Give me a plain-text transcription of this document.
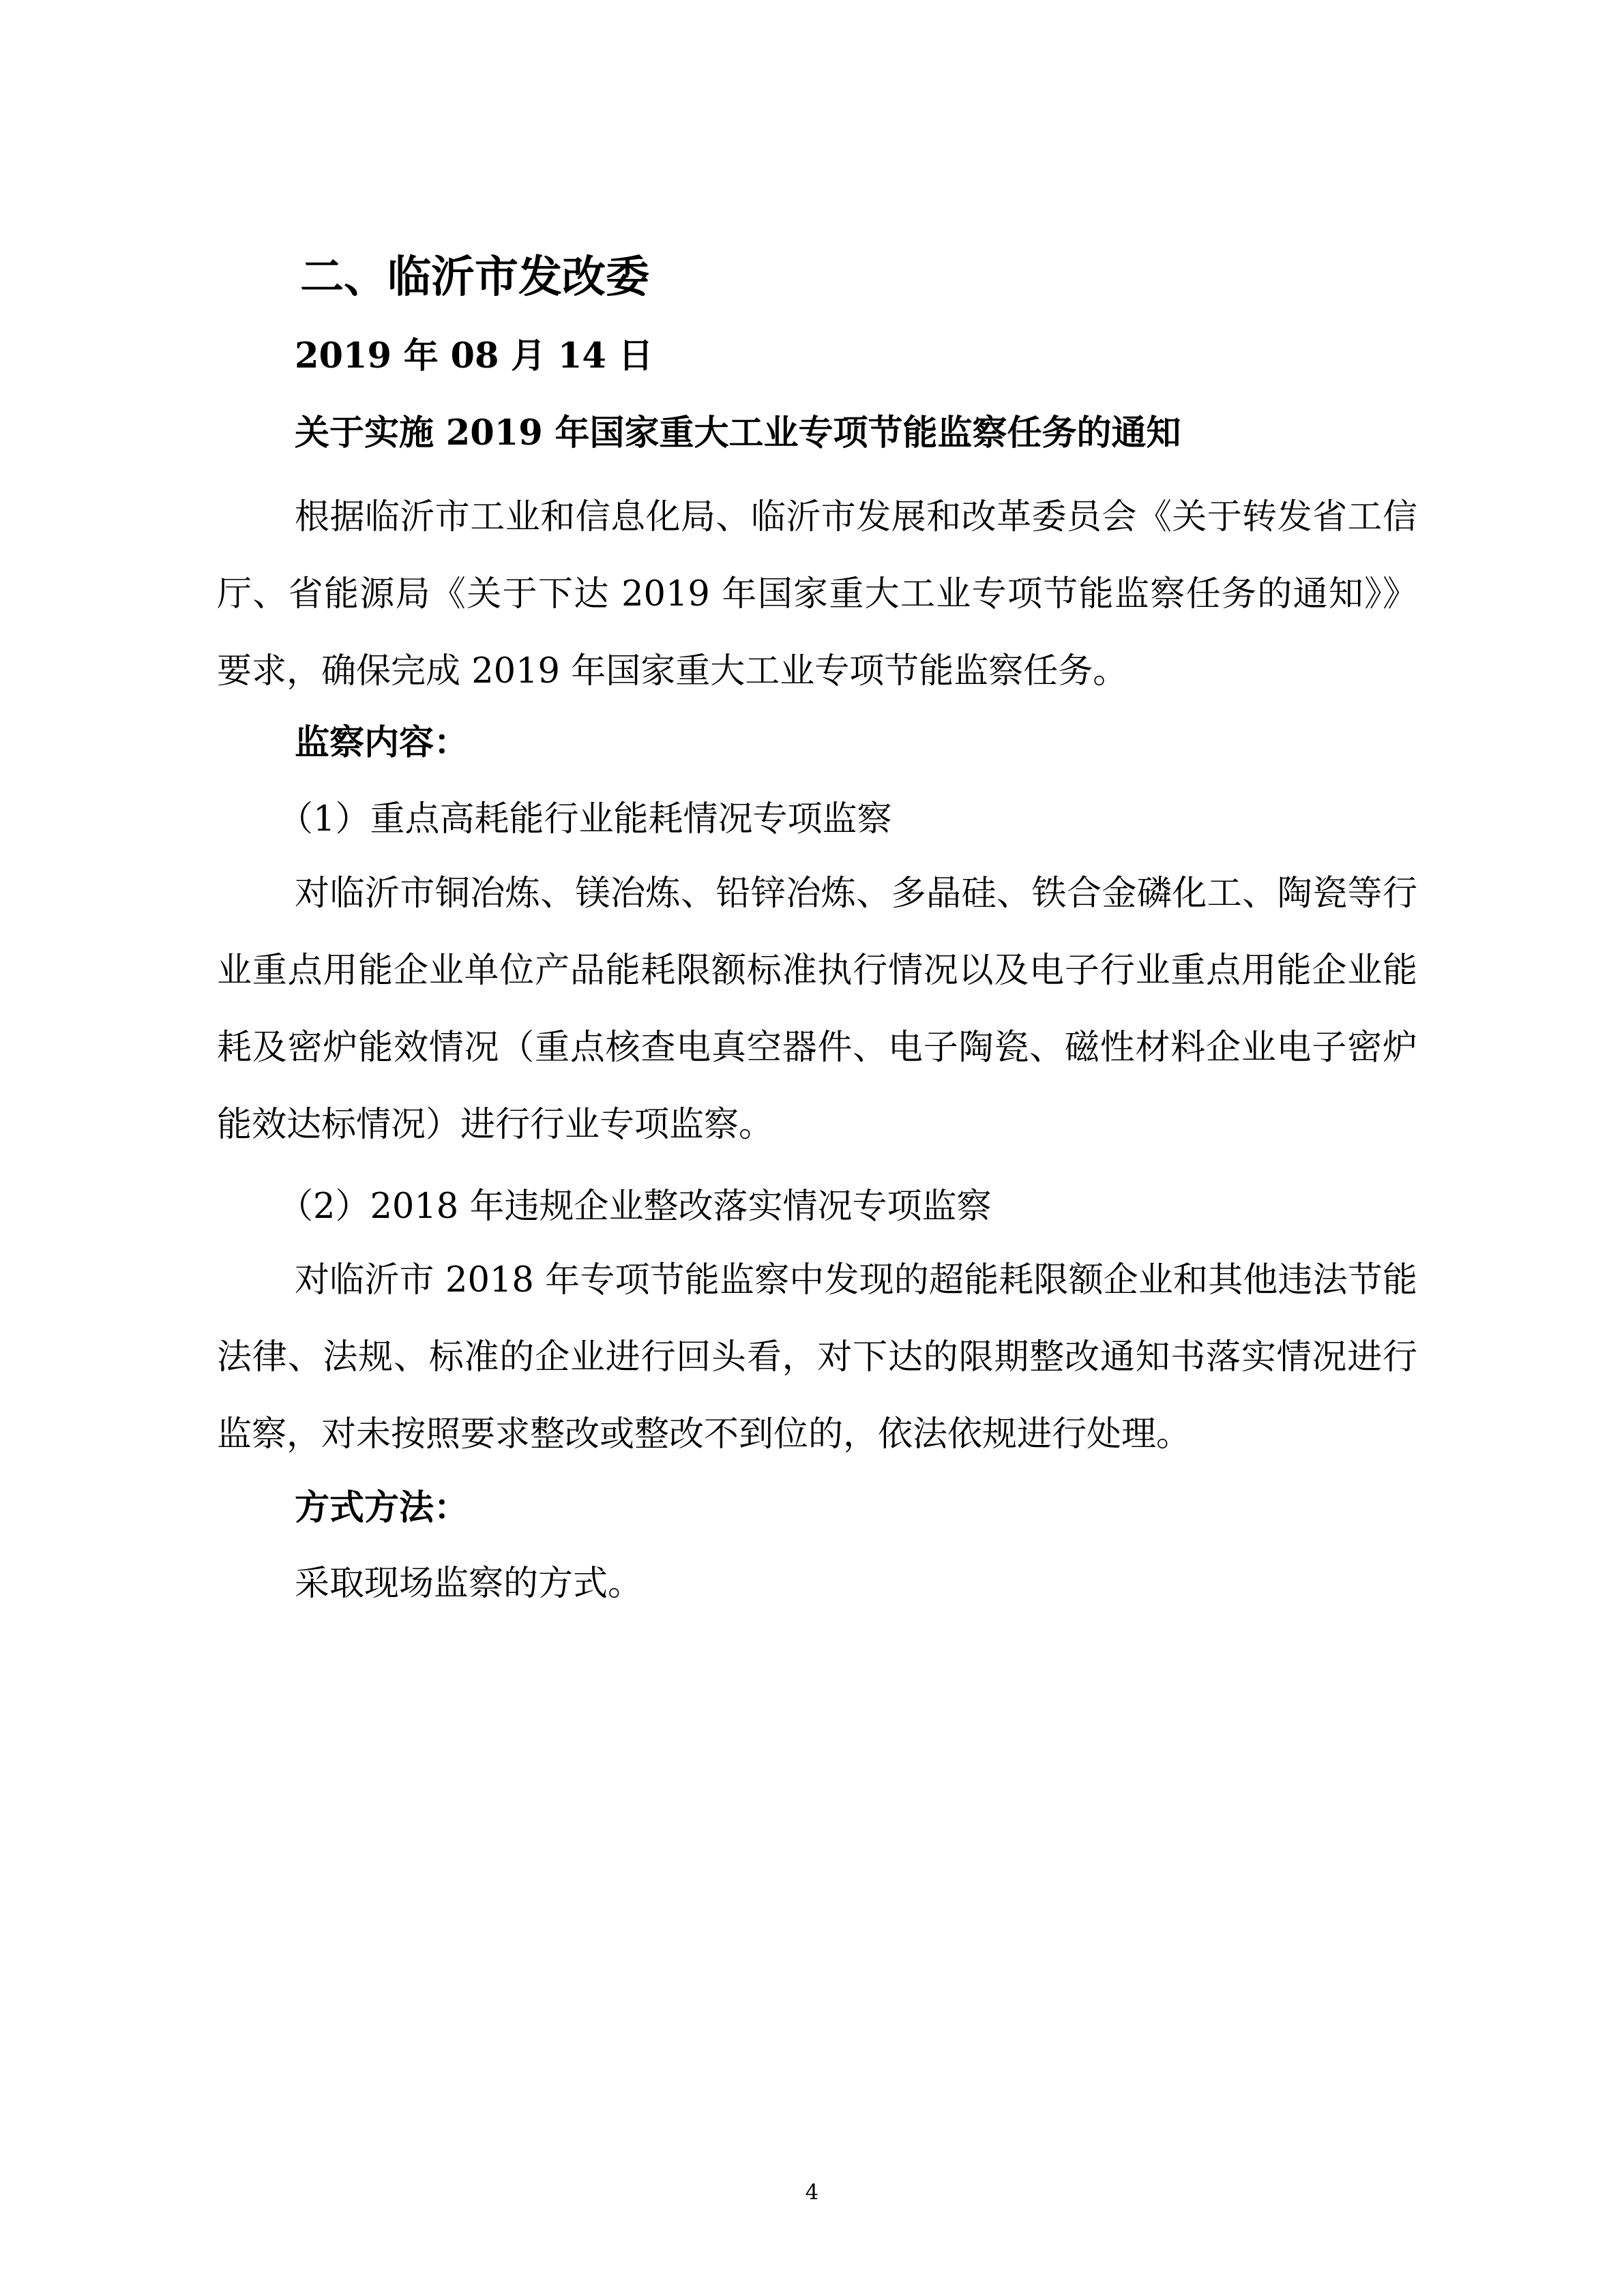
二、临沂市发改委
2019 年 08 月 14 日
关于实施 2019 年国家重大工业专项节能监察任务的通知

根据临沂市工业和信息化局、临沂市发展和改革委员会《关于转发省工信厅、省能源局《关于下达 2019 年国家重大工业专项节能监察任务的通知》》要求，确保完成 2019 年国家重大工业专项节能监察任务。

监察内容：
（1）重点高耗能行业能耗情况专项监察

对临沂市铜冶炼、镁冶炼、铅锌冶炼、多晶硅、铁合金磷化工、陶瓷等行业重点用能企业单位产品能耗限额标准执行情况以及电子行业重点用能企业能耗及密炉能效情况（重点核查电真空器件、电子陶瓷、磁性材料企业电子密炉能效达标情况）进行行业专项监察。

（2）2018 年违规企业整改落实情况专项监察

对临沂市 2018 年专项节能监察中发现的超能耗限额企业和其他违法节能法律、法规、标准的企业进行回头看，对下达的限期整改通知书落实情况进行监察，对未按照要求整改或整改不到位的，依法依规进行处理。

方式方法：
采取现场监察的方式。
4
